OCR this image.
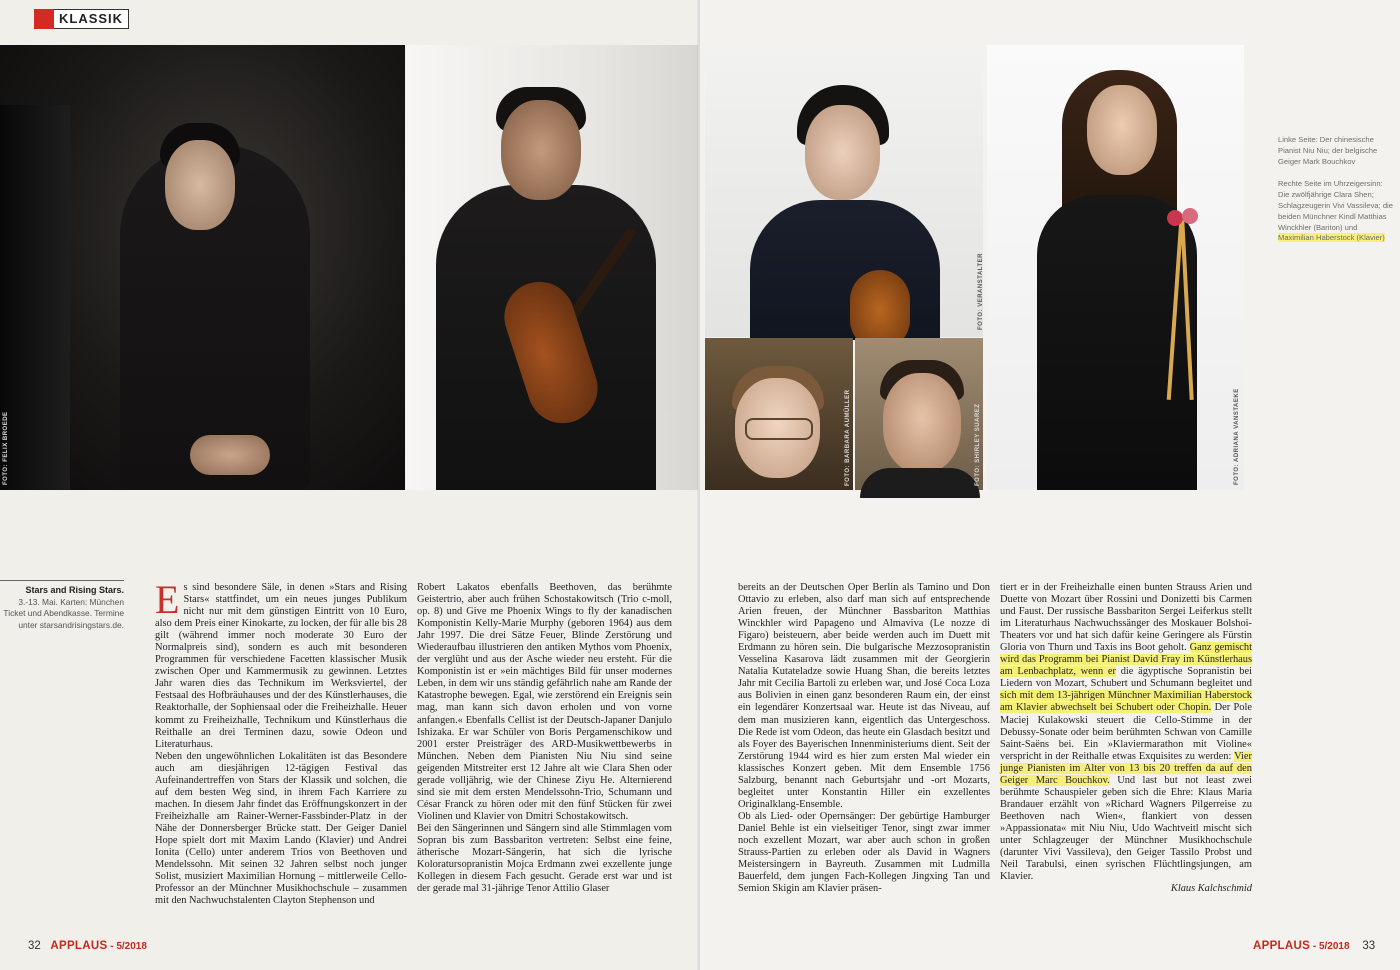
KLASSIK
FOTO: FELIX BROEDE	FOTO: NIKOLAJ LUND
Stars and Rising Stars.
3.-13. Mai. Karten: München Ticket und Abendkasse. Termine unter starsandrisingstars.de.
E s sind besondere Säle, in denen »Stars and Rising Stars« stattfindet, um ein neues junges Publikum nicht nur mit dem günstigen Eintritt von 10 Euro, also dem Preis einer Kinokarte, zu locken, der für alle bis 28 gilt (während immer noch moderate 30 Euro der Normalpreis sind), sondern es auch mit besonderen Programmen für verschiedene Facetten klassischer Musik zwischen Oper und Kammermusik zu gewinnen. Letztes Jahr waren dies das Technikum im Werksviertel, der Festsaal des Hofbräuhauses und der des Künstlerhauses, die Reaktorhalle, der Sophiensaal oder die Freiheizhalle. Heuer kommt zu Freiheizhalle, Technikum und Künstlerhaus die Reithalle an drei Terminen dazu, sowie Odeon und Literaturhaus.

Neben den ungewöhnlichen Lokalitäten ist das Besondere auch am diesjährigen 12-tägigen Festival das Aufeinandertreffen von Stars der Klassik und solchen, die auf dem besten Weg sind, in ihrem Fach Karriere zu machen. In diesem Jahr findet das Eröffnungskonzert in der Freiheizhalle am Rainer-Werner-Fassbinder-Platz in der Nähe der Donnersberger Brücke statt. Der Geiger Daniel Hope spielt dort mit Maxim Lando (Klavier) und Andrei Ionita (Cello) unter anderem Trios von Beethoven und Mendelssohn. Mit seinen 32 Jahren selbst noch junger Solist, musiziert Maximilian Hornung – mittlerweile Cello-Professor an der Münchner Musikhochschule – zusammen mit den Nachwuchstalenten Clayton Stephenson und

Robert Lakatos ebenfalls Beethoven, das berühmte Geistertrio, aber auch frühen Schostakowitsch (Trio c-moll, op. 8) und Give me Phoenix Wings to fly der kanadischen Komponistin Kelly-Marie Murphy (geboren 1964) aus dem Jahr 1997. Die drei Sätze Feuer, Blinde Zerstörung und Wiederaufbau illustrieren den antiken Mythos vom Phoenix, der verglüht und aus der Asche wieder neu ersteht. Für die Komponistin ist er »ein mächtiges Bild für unser modernes Leben, in dem wir uns ständig gefährlich nahe am Rande der Katastrophe bewegen. Egal, wie zerstörend ein Ereignis sein mag, man kann sich davon erholen und von vorne anfangen.« Ebenfalls Cellist ist der Deutsch-Japaner Danjulo Ishizaka. Er war Schüler von Boris Pergamenschikow und 2001 erster Preisträger des ARD-Musikwettbewerbs in München. Neben dem Pianisten Niu Niu sind seine geigenden Mitstreiter erst 12 Jahre alt wie Clara Shen oder gerade volljährig, wie der Chinese Ziyu He. Alternierend sind sie mit dem ersten Mendelssohn-Trio, Schumann und César Franck zu hören oder mit den fünf Stücken für zwei Violinen und Klavier von Dmitri Schostakowitsch.

Bei den Sängerinnen und Sängern sind alle Stimmlagen vom Sopran bis zum Bassbariton vertreten: Selbst eine feine, ätherische Mozart-Sängerin, hat sich die lyrische Koloratursopranistin Mojca Erdmann zwei exzellente junge Kollegen in diesem Fach gesucht. Gerade erst war und ist der gerade mal 31-jährige Tenor Attilio Glaser

32 APPLAUS - 5/2018
FOTO: VERANSTALTER
FOTO: BARBARA AUMÜLLER	FOTO: SHIRLEY SUAREZ	FOTO: ADRIANA VANSTAEKE

Linke Seite: Der chinesische Pianist Niu Niu; der belgische Geiger Mark Bouchkov

Rechte Seite im Uhrzeigersinn: Die zwölfjährige Clara Shen; Schlagzeugerin Vivi Vassileva; die beiden Münchner Kindl Matthias Winckhler (Bariton) und Maximilian Haberstock (Klavier)

bereits an der Deutschen Oper Berlin als Tamino und Don Ottavio zu erleben, also darf man sich auf entsprechende Arien freuen, der Münchner Bassbariton Matthias Winckhler wird Papageno und Almaviva (Le nozze di Figaro) beisteuern, aber beide werden auch im Duett mit Erdmann zu hören sein. Die bulgarische Mezzosopranistin Vesselina Kasarova lädt zusammen mit der Georgierin Natalia Kutateladze sowie Huang Shan, die bereits letztes Jahr mit Cecilia Bartoli zu erleben war, und José Coca Loza aus Bolivien in einen ganz besonderen Raum ein, der einst ein legendärer Konzertsaal war. Heute ist das Niveau, auf dem man musizieren kann, eigentlich das Untergeschoss. Die Rede ist vom Odeon, das heute ein Glasdach besitzt und als Foyer des Bayerischen Innenministeriums dient. Seit der Zerstörung 1944 wird es hier zum ersten Mal wieder ein klassisches Konzert geben. Mit dem Ensemble 1756 Salzburg, benannt nach Geburtsjahr und -ort Mozarts, begleitet unter Konstantin Hiller ein exzellentes Originalklang-Ensemble.

Ob als Lied- oder Opernsänger: Der gebürtige Hamburger Daniel Behle ist ein vielseitiger Tenor, singt zwar immer noch exzellent Mozart, war aber auch schon in großen Strauss-Partien zu erleben oder als David in Wagners Meistersingern in Bayreuth. Zusammen mit Ludmilla Bauerfeld, dem jungen Fach-Kollegen Jingxing Tan und Semion Skigin am Klavier präsen-

tiert er in der Freiheizhalle einen bunten Strauss Arien und Duette von Mozart über Rossini und Donizetti bis Carmen und Faust. Der russische Bassbariton Sergei Leiferkus stellt im Literaturhaus Nachwuchssänger des Moskauer Bolshoi-Theaters vor und hat sich dafür keine Geringere als Fürstin Gloria von Thurn und Taxis ins Boot geholt. Ganz gemischt wird das Programm bei Pianist David Fray im Künstlerhaus am Lenbachplatz, wenn er die ägyptische Sopranistin bei Liedern von Mozart, Schubert und Schumann begleitet und sich mit dem 13-jährigen Münchner Maximilian Haberstock am Klavier abwechselt bei Schubert oder Chopin. Der Pole Maciej Kulakowski steuert die Cello-Stimme in der Debussy-Sonate oder beim berühmten Schwan von Camille Saint-Saëns bei. Ein »Klaviermarathon mit Violine« verspricht in der Reithalle etwas Exquisites zu werden: Vier junge Pianisten im Alter von 13 bis 20 treffen da auf den Geiger Marc Bouchkov. Und last but not least zwei berühmte Schauspieler geben sich die Ehre: Klaus Maria Brandauer erzählt von »Richard Wagners Pilgerreise zu Beethoven nach Wien«, flankiert von dessen »Appassionata« mit Niu Niu, Udo Wachtveitl mischt sich unter Schlagzeuger der Münchner Musikhochschule (darunter Vivi Vassileva), den Geiger Tassilo Probst und Neil Tarabulsi, einen syrischen Flüchtlingsjungen, am Klavier.

Klaus Kalchschmid

APPLAUS - 5/2018 33
